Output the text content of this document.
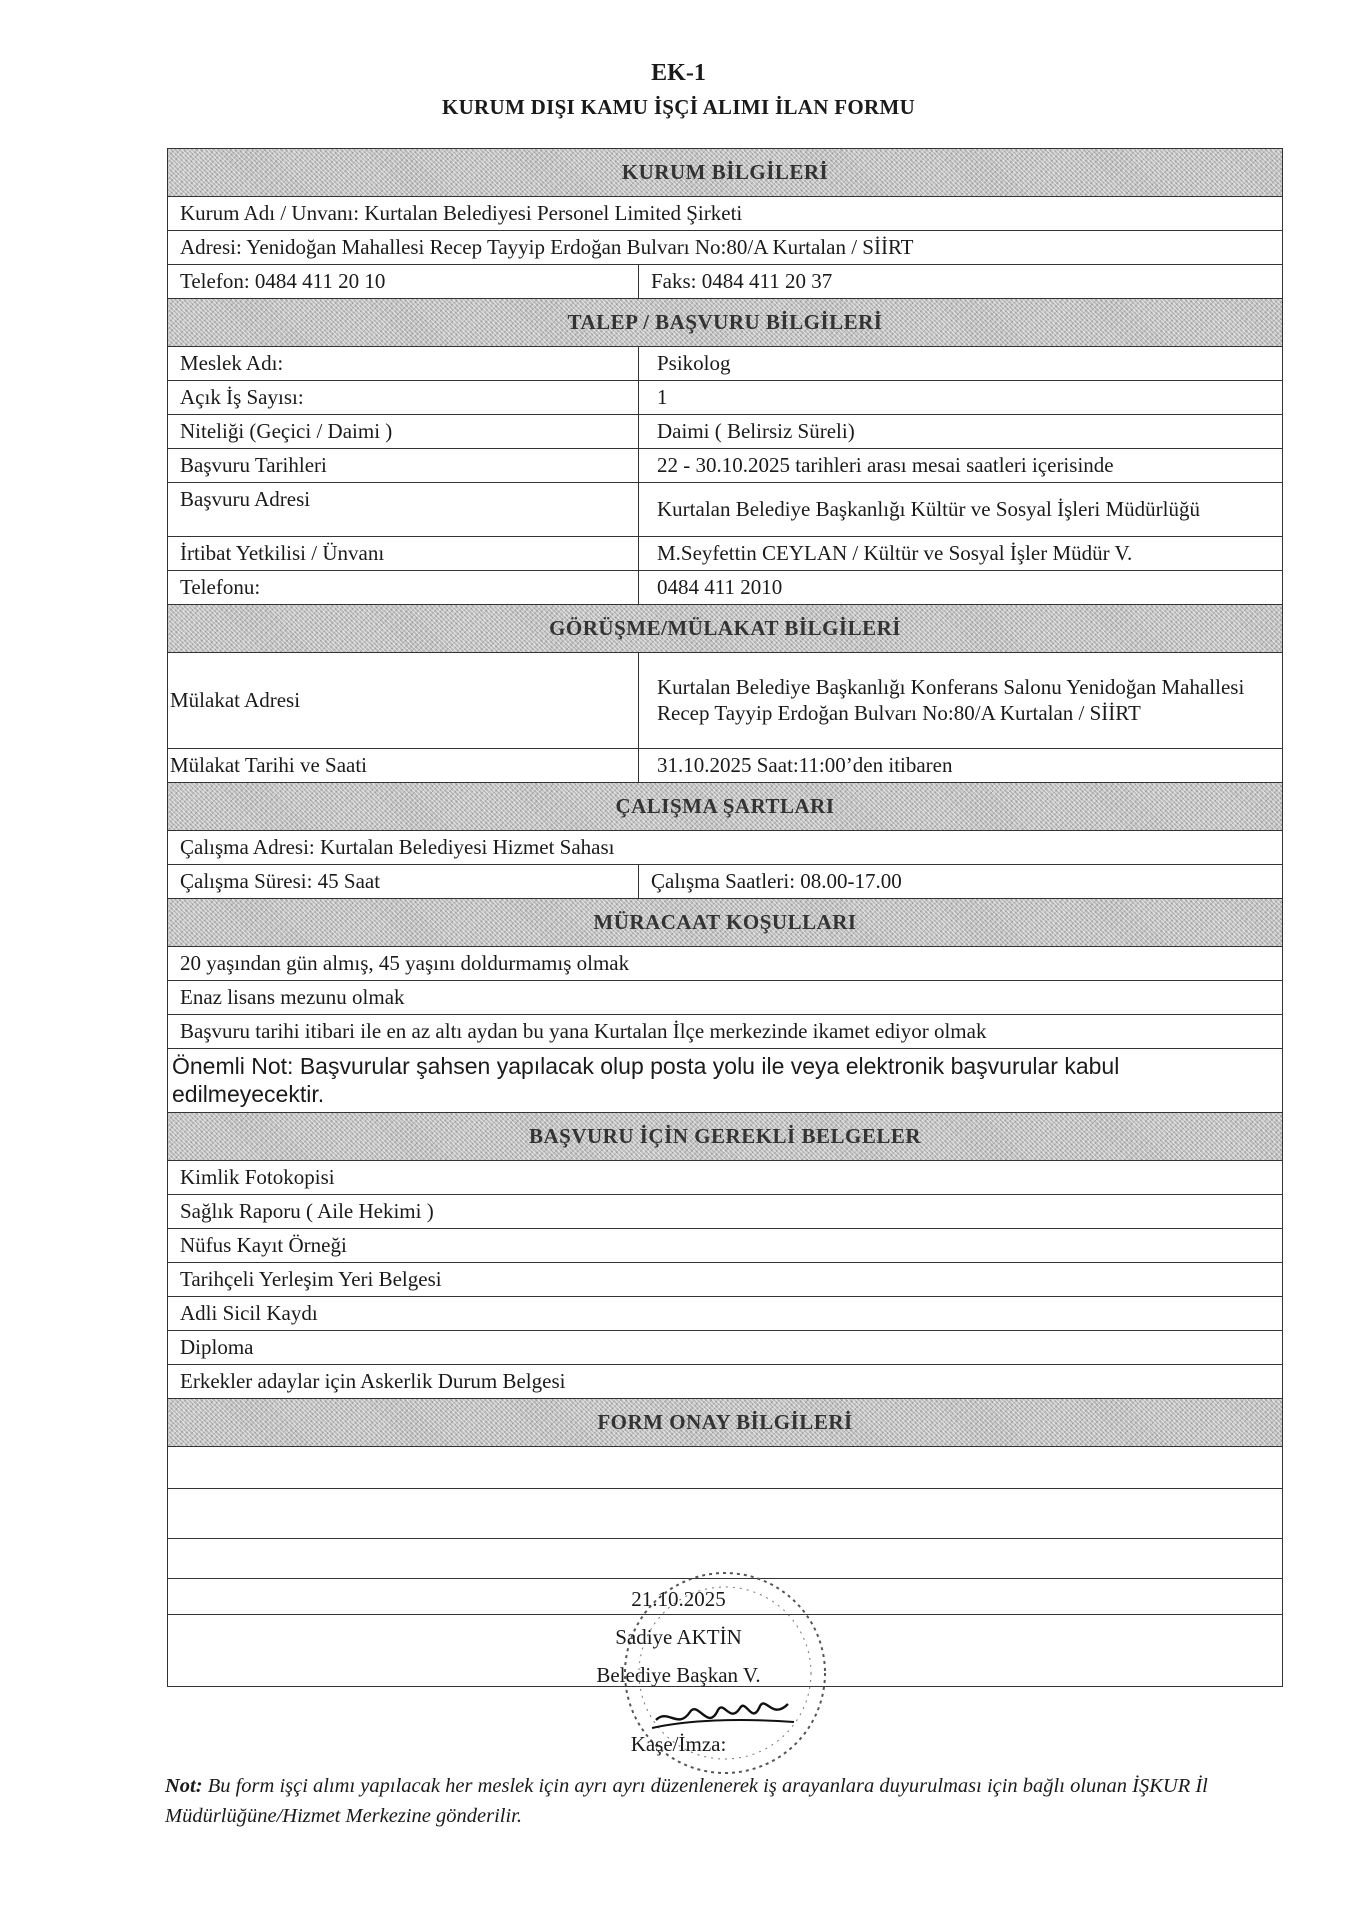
EK-1
KURUM DIŞI KAMU İŞÇİ ALIMI İLAN FORMU
KURUM BİLGİLERİ	
Kurum Adı / Unvanı: Kurtalan Belediyesi Personel Limited Şirketi	
Adresi: Yenidoğan Mahallesi Recep Tayyip Erdoğan Bulvarı No:80/A Kurtalan / SİİRT	
Telefon: 0484 411 20 10	Faks: 0484 411 20 37
TALEP / BAŞVURU BİLGİLERİ	
Meslek Adı:	Psikolog
Açık İş Sayısı:	1
Niteliği (Geçici / Daimi )	Daimi ( Belirsiz Süreli)
Başvuru Tarihleri	22 - 30.10.2025 tarihleri arası mesai saatleri içerisinde
Başvuru Adresi	Kurtalan Belediye Başkanlığı Kültür ve Sosyal İşleri Müdürlüğü
İrtibat Yetkilisi / Ünvanı	M.Seyfettin CEYLAN / Kültür ve Sosyal İşler Müdür V.
Telefonu:	0484 411 2010
GÖRÜŞME/MÜLAKAT BİLGİLERİ	
Mülakat Adresi	Kurtalan Belediye Başkanlığı Konferans Salonu Yenidoğan Mahallesi Recep Tayyip Erdoğan Bulvarı No:80/A Kurtalan / SİİRT
Mülakat Tarihi ve Saati	31.10.2025 Saat:11:00’den itibaren
ÇALIŞMA ŞARTLARI	
Çalışma Adresi: Kurtalan Belediyesi Hizmet Sahası	
Çalışma Süresi: 45 Saat	Çalışma Saatleri: 08.00-17.00
MÜRACAAT KOŞULLARI	
20 yaşından gün almış, 45 yaşını doldurmamış olmak	
Enaz lisans mezunu olmak	
Başvuru tarihi itibari ile en az altı aydan bu yana Kurtalan İlçe merkezinde ikamet ediyor olmak	
Önemli Not: Başvurular şahsen yapılacak olup posta yolu ile veya elektronik başvurular kabul edilmeyecektir.	
BAŞVURU İÇİN GEREKLİ BELGELER	
Kimlik Fotokopisi	
Sağlık Raporu ( Aile Hekimi )	
Nüfus Kayıt Örneği	
Tarihçeli Yerleşim Yeri Belgesi	
Adli Sicil Kaydı	
Diploma	
Erkekler adaylar için Askerlik Durum Belgesi	
FORM ONAY BİLGİLERİ	

21.10.2025
Sadiye AKTİN
Belediye Başkan V.
Kaşe/İmza:
Not: Bu form işçi alımı yapılacak her meslek için ayrı ayrı düzenlenerek iş arayanlara duyurulması için bağlı olunan İŞKUR İl Müdürlüğüne/Hizmet Merkezine gönderilir.
